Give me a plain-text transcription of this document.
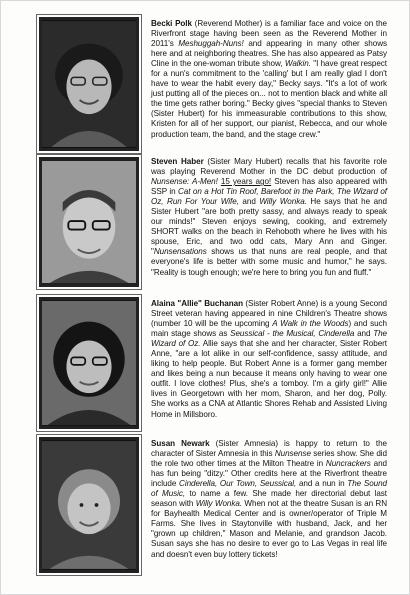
Becki Polk (Reverend Mother) is a familiar face and voice on the Riverfront stage having been seen as the Reverend Mother in 2011's Meshuggah-Nuns! and appearing in many other shows here and at neighboring theatres. She has also appeared as Patsy Cline in the one-woman tribute show, Walkin. "I have great respect for a nun's commitment to the 'calling' but I am really glad I don't have to wear the habit every day," Becky says. "It's a lot of work just putting all of the pieces on... not to mention black and white all the time gets rather boring." Becky gives "special thanks to Steven (Sister Hubert) for his immeasurable contributions to this show, Kristen for all of her support, our pianist, Rebecca, and our whole production team, the band, and the stage crew."
Steven Haber (Sister Mary Hubert) recalls that his favorite role was playing Reverend Mother in the DC debut production of Nunsense: A-Men! 15 years ago! Steven has also appeared with SSP in Cat on a Hot Tin Roof, Barefoot in the Park, The Wizard of Oz, Run For Your Wife, and Willy Wonka. He says that he and Sister Hubert "are both pretty sassy, and always ready to speak our minds!" Steven enjoys sewing, cooking, and extremely SHORT walks on the beach in Rehoboth where he lives with his spouse, Eric, and two odd cats, Mary Ann and Ginger. "Nunsensations shows us that nuns are real people, and that everyone's life is better with some music and humor," he says. "Reality is tough enough; we're here to bring you fun and fluff."
Alaina "Allie" Buchanan (Sister Robert Anne) is a young Second Street veteran having appeared in nine Children's Theatre shows (number 10 will be the upcoming A Walk in the Woods) and such main stage shows as Seussical - the Musical, Cinderella and The Wizard of Oz. Allie says that she and her character, Sister Robert Anne, "are a lot alike in our self-confidence, sassy attitude, and liking to help people. But Robert Anne is a former gang member and likes being a nun because it means only having to wear one outfit. I love clothes! Plus, she's a tomboy. I'm a girly girl!" Allie lives in Georgetown with her mom, Sharon, and her dog, Polly. She works as a CNA at Atlantic Shores Rehab and Assisted Living Home in Millsboro.
Susan Newark (Sister Amnesia) is happy to return to the character of Sister Amnesia in this Nunsense series show. She did the role two other times at the Milton Theatre in Nuncrackers and has fun being "ditzy." Other credits here at the Riverfront theatre include Cinderella, Our Town, Seussical, and a nun in The Sound of Music, to name a few. She made her directorial debut last season with Willy Wonka. When not at the theatre Susan is an RN for Bayhealth Medical Center and is owner/operator of Triple M Farms. She lives in Staytonville with husband, Jack, and her "grown up children," Mason and Melanie, and grandson Jacob. Susan says she has no desire to ever go to Las Vegas in real life and doesn't even buy lottery tickets!
